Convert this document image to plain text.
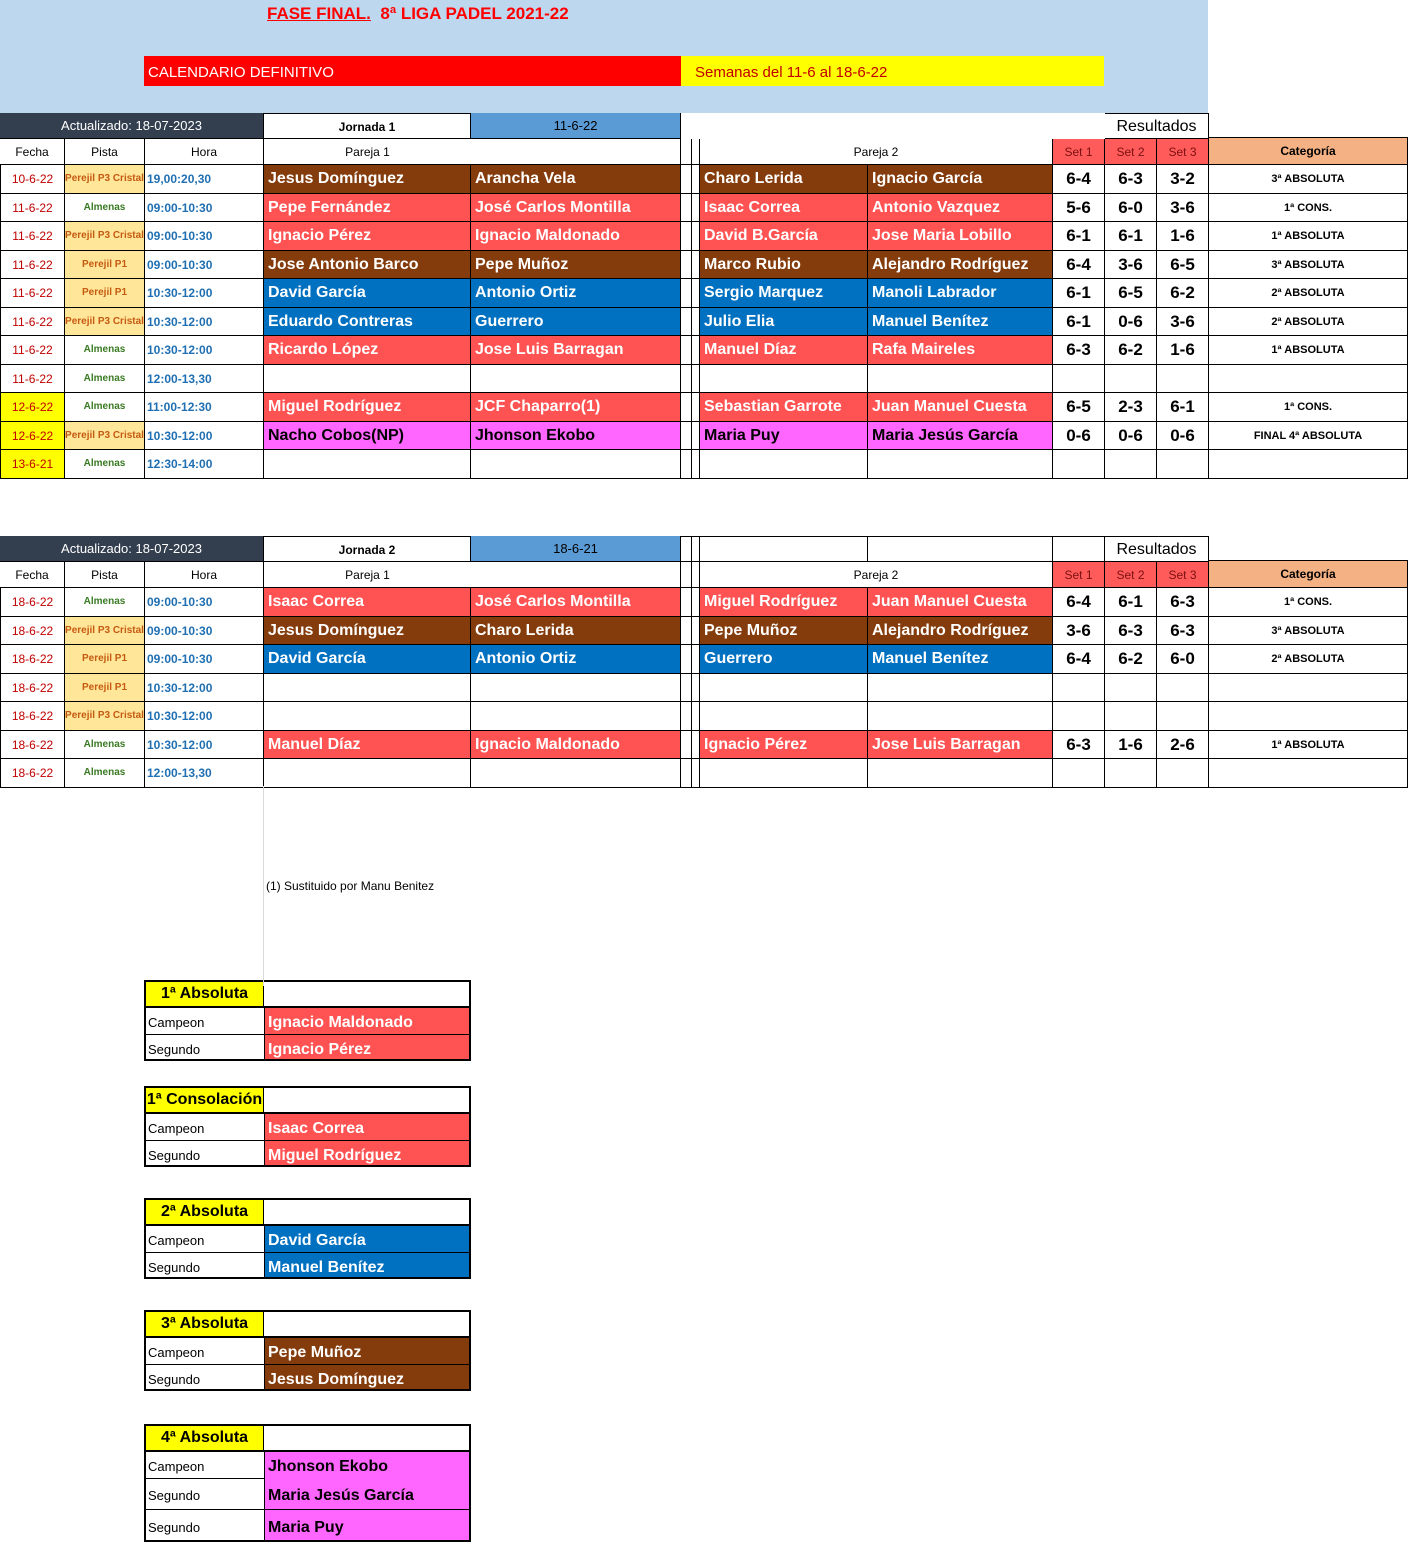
FASE FINAL. 8ª LIGA PADEL 2021-22
CALENDARIO DEFINITIVO	Semanas del 11-6 al 18-6-22
Actualizado: 18-07-2023	Jornada 1	11-6-22	Resultados
Fecha	Pista	Hora	Pareja 1	Pareja 2	Set 1	Set 2	Set 3	Categoría
10-6-22	Perejil P3 Cristal 19,00:20,30	Jesus Domínguez	Arancha Vela	Charo Lerida	Ignacio García	6-4	6-3	3-2	3ª ABSOLUTA
11-6-22	Almenas	09:00-10:30	Pepe Fernández	José Carlos Montilla	Isaac Correa	Antonio Vazquez	5-6	6-0	3-6	1ª CONS.
11-6-22	Perejil P3 Cristal 09:00-10:30	Ignacio Pérez	Ignacio Maldonado	David B.García	Jose Maria Lobillo	6-1	6-1	1-6	1ª ABSOLUTA
11-6-22	Perejil P1	09:00-10:30	Jose Antonio Barco	Pepe Muñoz	Marco Rubio	Alejandro Rodríguez	6-4	3-6	6-5	3ª ABSOLUTA
11-6-22	Perejil P1	10:30-12:00	David García	Antonio Ortiz	Sergio Marquez	Manoli Labrador	6-1	6-5	6-2	2ª ABSOLUTA
11-6-22	Perejil P3 Cristal 10:30-12:00	Eduardo Contreras	Guerrero	Julio Elia	Manuel Benítez	6-1	0-6	3-6	2ª ABSOLUTA
11-6-22	Almenas	10:30-12:00	Ricardo López	Jose Luis Barragan	Manuel Díaz	Rafa Maireles	6-3	6-2	1-6	1ª ABSOLUTA
11-6-22	Almenas	12:00-13,30
12-6-22	Almenas	11:00-12:30	Miguel Rodríguez	JCF Chaparro(1)	Sebastian Garrote	Juan Manuel Cuesta	6-5	2-3	6-1	1ª CONS.
12-6-22	Perejil P3 Cristal 10:30-12:00	Nacho Cobos(NP)	Jhonson Ekobo	Maria Puy	Maria Jesús García	0-6	0-6	0-6	FINAL 4ª ABSOLUTA
13-6-21	Almenas	12:30-14:00
Actualizado: 18-07-2023	Jornada 2	18-6-21	Resultados
Fecha	Pista	Hora	Pareja 1	Pareja 2	Set 1	Set 2	Set 3	Categoría
18-6-22	Almenas	09:00-10:30	Isaac Correa	José Carlos Montilla	Miguel Rodríguez	Juan Manuel Cuesta	6-4	6-1	6-3	1ª CONS.
18-6-22	Perejil P3 Cristal 09:00-10:30	Jesus Domínguez	Charo Lerida	Pepe Muñoz	Alejandro Rodríguez	3-6	6-3	6-3	3ª ABSOLUTA
18-6-22	Perejil P1	09:00-10:30	David García	Antonio Ortiz	Guerrero	Manuel Benítez	6-4	6-2	6-0	2ª ABSOLUTA
18-6-22	Perejil P1	10:30-12:00
18-6-22	Perejil P3 Cristal 10:30-12:00
18-6-22	Almenas	10:30-12:00	Manuel Díaz	Ignacio Maldonado	Ignacio Pérez	Jose Luis Barragan	6-3	1-6	2-6	1ª ABSOLUTA
18-6-22	Almenas	12:00-13,30
(1) Sustituido por Manu Benitez
1ª Absoluta
Campeon	Ignacio Maldonado
Segundo	Ignacio Pérez
1ª Consolación
Campeon	Isaac Correa
Segundo	Miguel Rodríguez
2ª Absoluta
Campeon	David García
Segundo	Manuel Benítez
3ª Absoluta
Campeon	Pepe Muñoz
Segundo	Jesus Domínguez
4ª Absoluta
Campeon	Jhonson Ekobo
Segundo	Maria Jesús García
Segundo	Maria Puy
